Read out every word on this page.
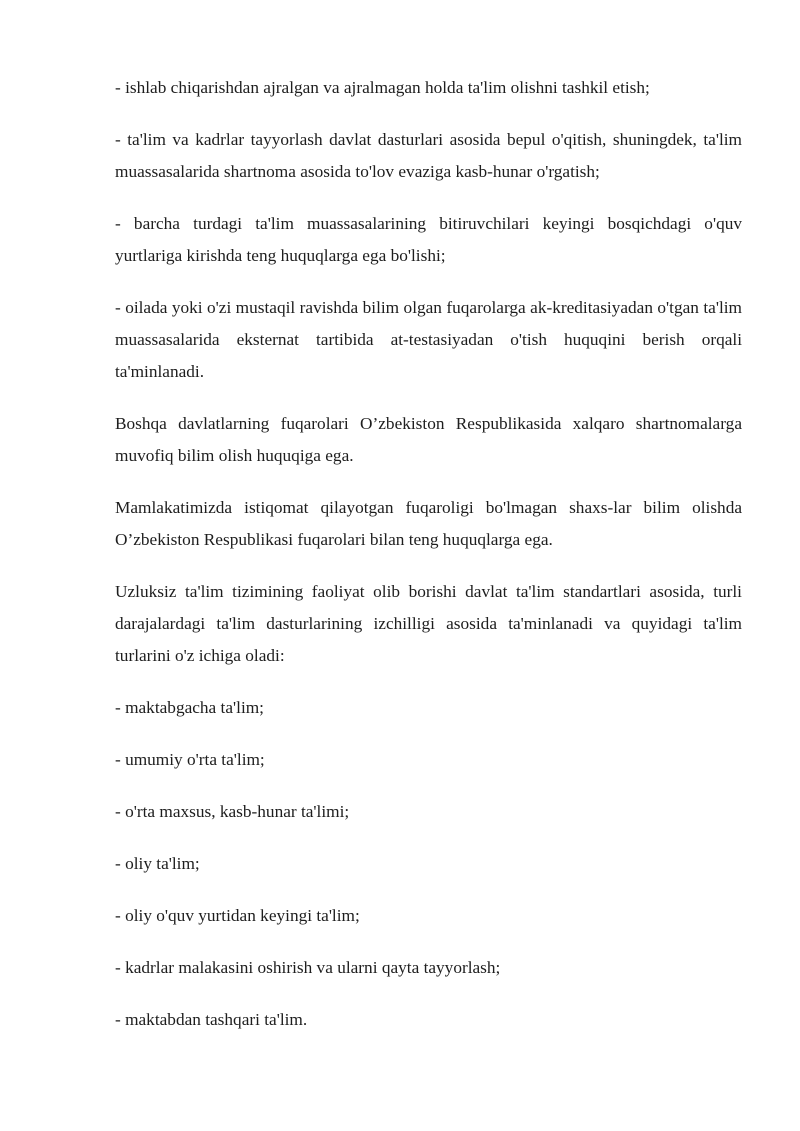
- ishlab chiqarishdan ajralgan va ajralmagan holda ta'lim olishni tashkil etish;

- ta'lim va kadrlar tayyorlash davlat dasturlari asosida bepul o'qitish, shuningdek, ta'lim muassasalarida shartnoma asosida to'lov evaziga kasb-hunar o'rgatish;

- barcha turdagi ta'lim muassasalarining bitiruvchilari keyingi bosqichdagi o'quv yurtlariga kirishda teng huquqlarga ega bo'lishi;

- oilada yoki o'zi mustaqil ravishda bilim olgan fuqarolarga ak-kreditasiyadan o'tgan ta'lim muassasalarida eksternat tartibida at-testasiyadan o'tish huquqini berish orqali ta'minlanadi.

Boshqa davlatlarning fuqarolari O’zbekiston Respublikasida xalqaro shartnomalarga muvofiq bilim olish huquqiga ega.

Mamlakatimizda istiqomat qilayotgan fuqaroligi bo'lmagan shaxs-lar bilim olishda O’zbekiston Respublikasi fuqarolari bilan teng huquqlarga ega.

Uzluksiz ta'lim tizimining faoliyat olib borishi davlat ta'lim standartlari asosida, turli darajalardagi ta'lim dasturlarining izchilligi asosida ta'minlanadi va quyidagi ta'lim turlarini o'z ichiga oladi:

- maktabgacha ta'lim;

- umumiy o'rta ta'lim;

- o'rta maxsus, kasb-hunar ta'limi;

- oliy ta'lim;

- oliy o'quv yurtidan keyingi ta'lim;

- kadrlar malakasini oshirish va ularni qayta tayyorlash;

- maktabdan tashqari ta'lim.
